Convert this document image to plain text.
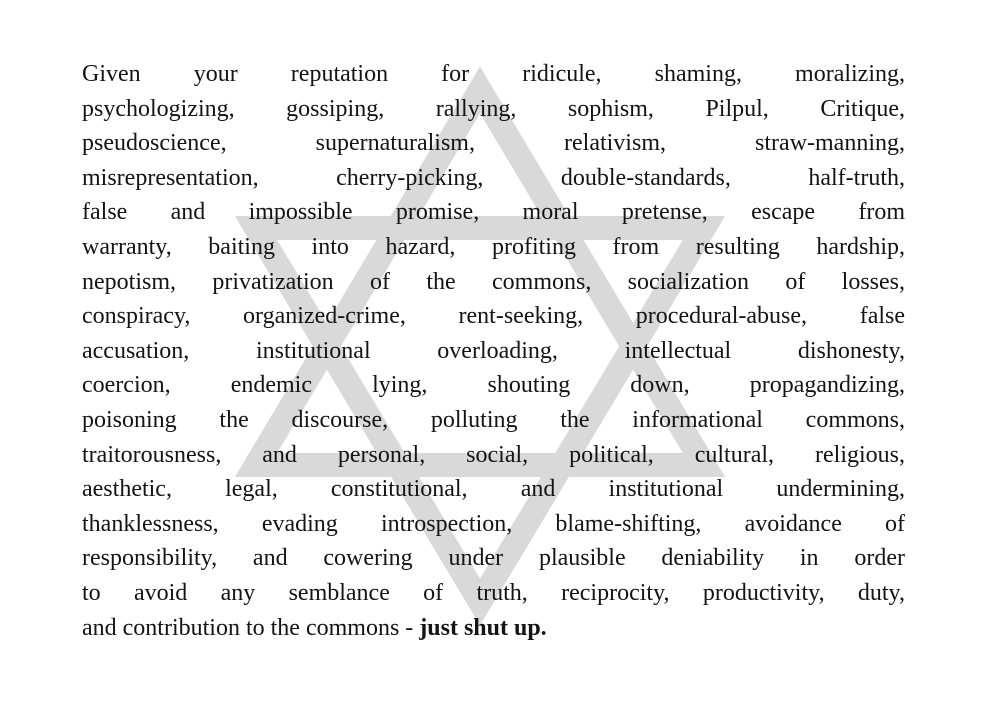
Given your reputation for ridicule, shaming, moralizing,
psychologizing, gossiping, rallying, sophism, Pilpul, Critique,
pseudoscience, supernaturalism, relativism, straw-manning,
misrepresentation, cherry-picking, double-standards, half-truth,
false and impossible promise, moral pretense, escape from
warranty, baiting into hazard, profiting from resulting hardship,
nepotism, privatization of the commons, socialization of losses,
conspiracy, organized-crime, rent-seeking, procedural-abuse, false
accusation, institutional overloading, intellectual dishonesty,
coercion, endemic lying, shouting down, propagandizing,
poisoning the discourse, polluting the informational commons,
traitorousness, and personal, social, political, cultural, religious,
aesthetic, legal, constitutional, and institutional undermining,
thanklessness, evading introspection, blame-shifting, avoidance of
responsibility, and cowering under plausible deniability in order
to avoid any semblance of truth, reciprocity, productivity, duty,
and contribution to the commons - just shut up.
